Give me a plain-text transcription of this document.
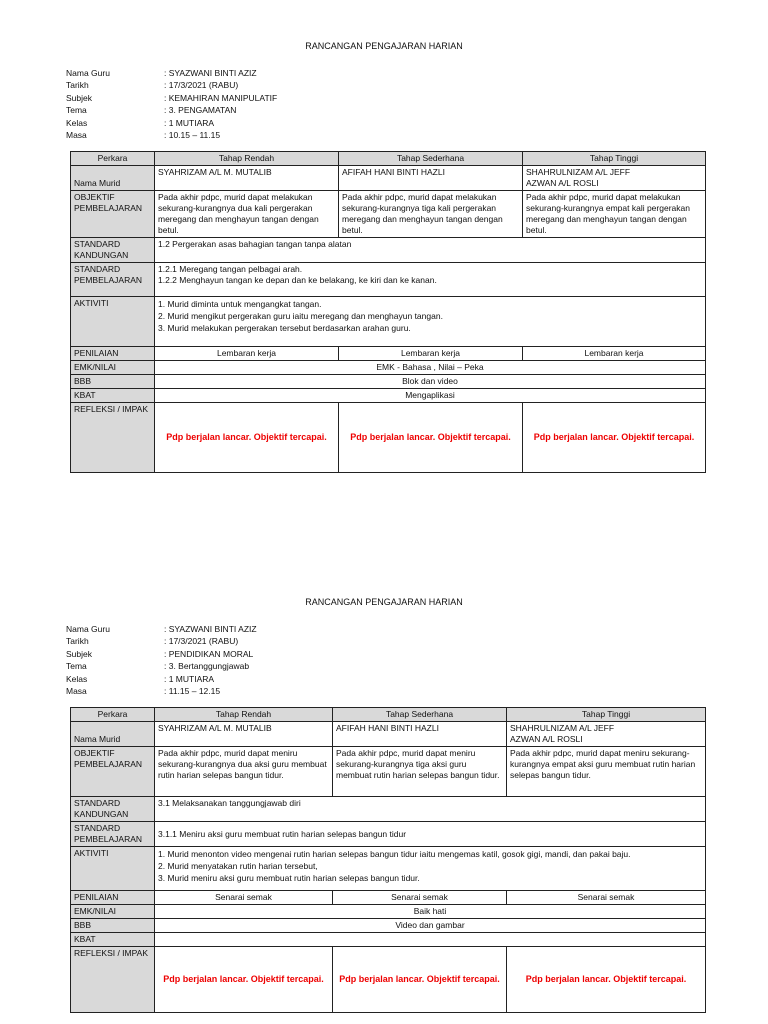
RANCANGAN PENGAJARAN HARIAN
Nama Guru	: SYAZWANI BINTI AZIZ
Tarikh	: 17/3/2021 (RABU)
Subjek	: KEMAHIRAN MANIPULATIF
Tema	: 3. PENGAMATAN
Kelas	: 1 MUTIARA
Masa	: 10.15 – 11.15
Perkara	Tahap Rendah	Tahap Sederhana	Tahap Tinggi
Nama Murid	SYAHRIZAM A/L M. MUTALIB	AFIFAH HANI BINTI HAZLI	SHAHRULNIZAM A/L JEFF
AZWAN A/L ROSLI
OBJEKTIF PEMBELAJARAN	Pada akhir pdpc, murid dapat melakukan sekurang-kurangnya dua kali pergerakan meregang dan menghayun tangan dengan betul.	Pada akhir pdpc, murid dapat melakukan sekurang-kurangnya tiga kali pergerakan meregang dan menghayun tangan dengan betul.	Pada akhir pdpc, murid dapat melakukan sekurang-kurangnya empat kali pergerakan meregang dan menghayun tangan dengan betul.
STANDARD KANDUNGAN	1.2 Pergerakan asas bahagian tangan tanpa alatan		
STANDARD PEMBELAJARAN	1.2.1 Meregang tangan pelbagai arah.
1.2.2 Menghayun tangan ke depan dan ke belakang, ke kiri dan ke kanan.		
AKTIVITI	1. Murid diminta untuk mengangkat tangan.
2. Murid mengikut pergerakan guru iaitu meregang dan menghayun tangan.
3. Murid melakukan pergerakan tersebut berdasarkan arahan guru.		
PENILAIAN	Lembaran kerja	Lembaran kerja	Lembaran kerja
EMK/NILAI	EMK - Bahasa , Nilai – Peka		
BBB	Blok dan video		
KBAT	Mengaplikasi		
REFLEKSI / IMPAK	Pdp berjalan lancar. Objektif tercapai.	Pdp berjalan lancar. Objektif tercapai.	Pdp berjalan lancar. Objektif tercapai.
RANCANGAN PENGAJARAN HARIAN
Nama Guru	: SYAZWANI BINTI AZIZ
Tarikh	: 17/3/2021 (RABU)
Subjek	: PENDIDIKAN MORAL
Tema	: 3. Bertanggungjawab
Kelas	: 1 MUTIARA
Masa	: 11.15 – 12.15
Perkara	Tahap Rendah	Tahap Sederhana	Tahap Tinggi
Nama Murid	SYAHRIZAM A/L M. MUTALIB	AFIFAH HANI BINTI HAZLI	SHAHRULNIZAM A/L JEFF
AZWAN A/L ROSLI
OBJEKTIF PEMBELAJARAN	Pada akhir pdpc, murid dapat meniru sekurang-kurangnya dua aksi guru membuat rutin harian selepas bangun tidur.	Pada akhir pdpc, murid dapat meniru sekurang-kurangnya tiga aksi guru membuat rutin harian selepas bangun tidur.	Pada akhir pdpc, murid dapat meniru sekurang-kurangnya empat aksi guru membuat rutin harian selepas bangun tidur.
STANDARD KANDUNGAN	3.1 Melaksanakan tanggungjawab diri		
STANDARD PEMBELAJARAN	3.1.1 Meniru aksi guru membuat rutin harian selepas bangun tidur		
AKTIVITI	1. Murid menonton video mengenai rutin harian selepas bangun tidur iaitu mengemas katil, gosok gigi, mandi, dan pakai baju.
2. Murid menyatakan rutin harian tersebut,
3. Murid meniru aksi guru membuat rutin harian selepas bangun tidur.		
PENILAIAN	Senarai semak	Senarai semak	Senarai semak
EMK/NILAI	Baik hati		
BBB	Video dan gambar		
KBAT			
REFLEKSI / IMPAK	Pdp berjalan lancar. Objektif tercapai.	Pdp berjalan lancar. Objektif tercapai.	Pdp berjalan lancar. Objektif tercapai.
